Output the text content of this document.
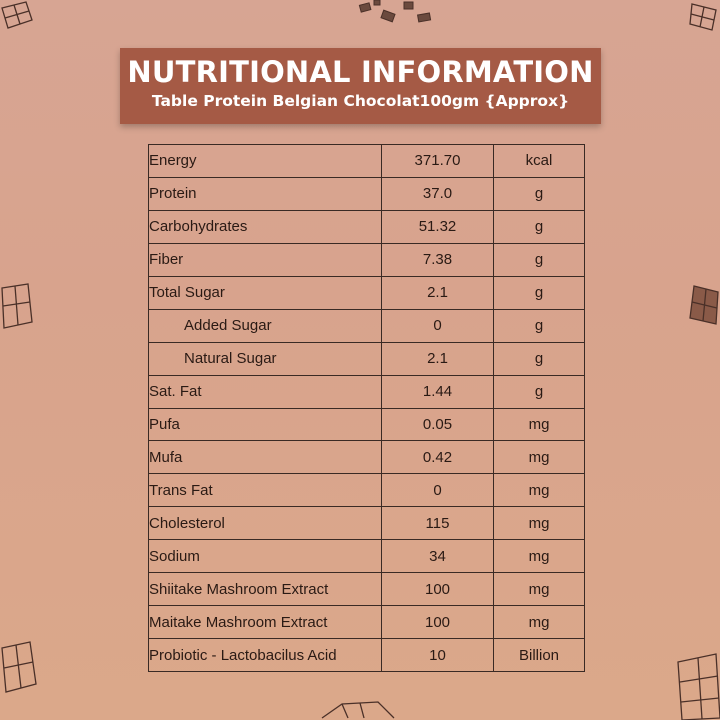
NUTRITIONAL INFORMATION
Table Protein Belgian Chocolat100gm {Approx}
Energy	371.70	kcal
Protein	37.0	g
Carbohydrates	51.32	g
Fiber	7.38	g
Total Sugar	2.1	g
Added Sugar	0	g
Natural Sugar	2.1	g
Sat. Fat	1.44	g
Pufa	0.05	mg
Mufa	0.42	mg
Trans Fat	0	mg
Cholesterol	115	mg
Sodium	34	mg
Shiitake Mashroom Extract	100	mg
Maitake Mashroom Extract	100	mg
Probiotic - Lactobacilus Acid	10	Billion
